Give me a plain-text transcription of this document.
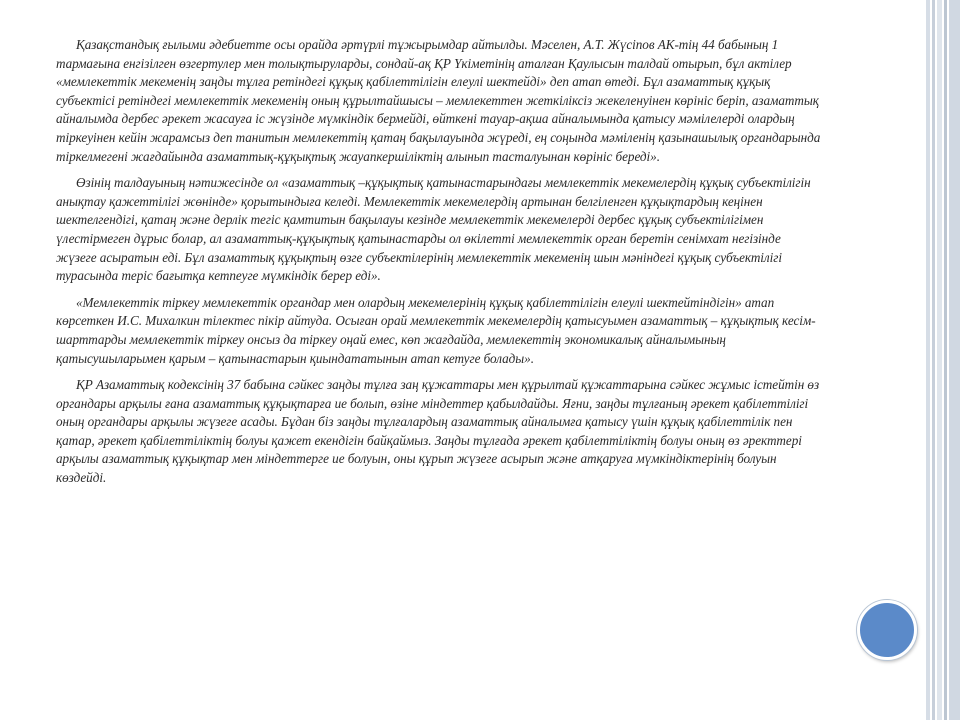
Қазақстандық ғылыми әдебиетте осы орайда әртүрлі тұжырымдар айтылды. Мәселен, А.Т. Жүсіпов АК-тің 44 бабының 1 тармағына енгізілген өзгертулер мен толықтыруларды, сондай-ақ ҚР Үкіметінің аталған Қаулысын талдай отырып, бұл актілер «мемлекеттік мекеменің заңды тұлға ретіндегі құқық қабілеттілігін елеулі шектейді» деп атап өтеді. Бұл азаматтық құқық субъектісі ретіндегі мемлекеттік мекеменің оның құрылтайшысы – мемлекеттен жеткіліксіз жекеленуінен көрініс беріп, азаматтық айналымда дербес әрекет жасауға іс жүзінде мүмкіндік бермейді, өйткені тауар-ақша айналымында қатысу мәмілелерді олардың тіркеуінен кейін жарамсыз деп танитын мемлекеттің қатаң бақылауында жүреді, ең соңында мәміленің қазынашылық органдарында тіркелмегені жағдайында азаматтық-құқықтық жауапкершіліктің алынып тасталуынан көрініс береді».

Өзінің талдауының нәтижесінде ол «азаматтық –құқықтық қатынастарындағы мемлекеттік мекемелердің құқық субъектілігін анықтау қажеттілігі жөнінде» қорытындыға келеді. Мемлекеттік мекемелердің артынан белгіленген құқықтардың кеңінен шектелгендігі, қатаң және дерлік тегіс қамтитын бақылауы кезінде мемлекеттік мекемелерді дербес құқық субъектілігімен үлестірмеген дұрыс болар, ал азаматтық-құқықтық қатынастарды ол өкілетті мемлекеттік орган беретін сенімхат негізінде жүзеге асыратын еді. Бұл азаматтық құқықтың өзге субъектілерінің мемлекеттік мекеменің шын мәніндегі құқық субъектілігі турасында теріс бағытқа кетпеуге мүмкіндік берер еді».

«Мемлекеттік тіркеу мемлекеттік органдар мен олардың мекемелерінің құқық қабілеттілігін елеулі шектейтіндігін» атап көрсеткен И.С. Михалкин тілектес пікір айтуда. Осыған орай мемлекеттік мекемелердің қатысуымен азаматтық – құқықтық кесім-шарттарды мемлекеттік тіркеу онсыз да тіркеу оңай емес, көп жағдайда, мемлекеттің экономикалық айналымының қатысушыларымен қарым – қатынастарын қиындататынын атап кетуге болады».

ҚР Азаматтық кодексінің 37 бабына сәйкес заңды тұлға заң құжаттары мен құрылтай құжаттарына сәйкес жұмыс істейтін өз органдары арқылы ғана азаматтық құқықтарға ие болып, өзіне міндеттер қабылдайды. Яғни, заңды тұлғаның әрекет қабілеттілігі оның органдары арқылы жүзеге асады. Бұдан біз заңды тұлғалардың азаматтық айналымға қатысу үшін құқық қабілеттілік пен қатар, әрекет қабілеттіліктің болуы қажет екендігін байқаймыз. Заңды тұлғада әрекет қабілеттіліктің болуы оның өз әректтері арқылы азаматтық құқықтар мен міндеттерге ие болуын, оны құрып жүзеге асырып және атқаруға мүмкіндіктерінің болуын көздейді.
